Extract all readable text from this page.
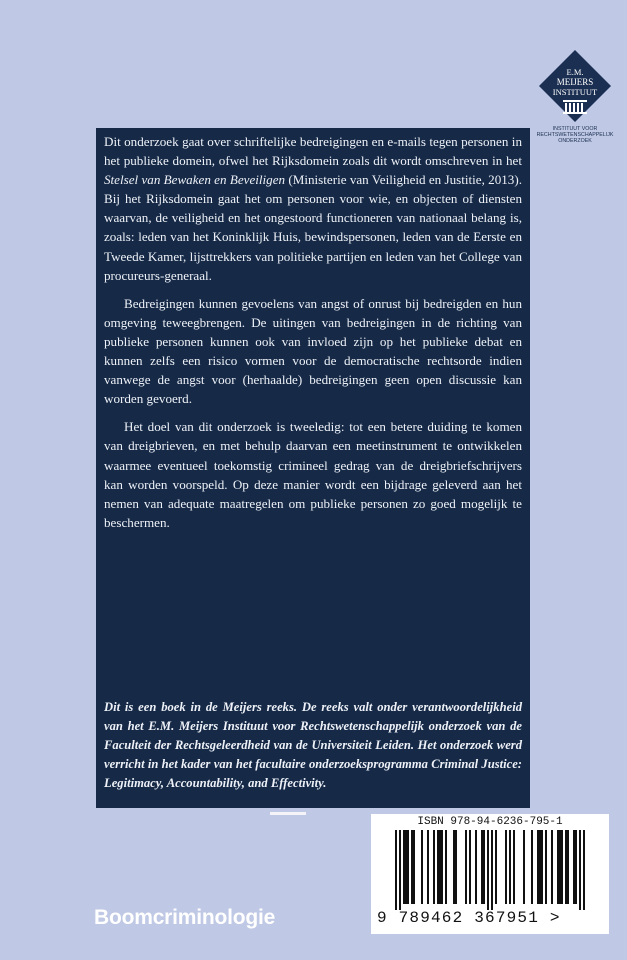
E.M.
MEIJERS
INSTITUUT
INSTITUUT VOOR
RECHTSWETENSCHAPPELIJK
ONDERZOEK

Dit onderzoek gaat over schriftelijke bedreigingen en e-mails tegen personen in het publieke domein, ofwel het Rijksdomein zoals dit wordt omschreven in het Stelsel van Bewaken en Beveiligen (Ministerie van Veiligheid en Justitie, 2013). Bij het Rijksdomein gaat het om personen voor wie, en objecten of diensten waarvan, de veiligheid en het ongestoord functioneren van nationaal belang is, zoals: leden van het Koninklijk Huis, bewindspersonen, leden van de Eerste en Tweede Kamer, lijsttrekkers van politieke partijen en leden van het College van procureurs-generaal.

Bedreigingen kunnen gevoelens van angst of onrust bij bedreigden en hun omgeving teweegbrengen. De uitingen van bedreigingen in de richting van publieke personen kunnen ook van invloed zijn op het publieke debat en kunnen zelfs een risico vormen voor de democratische rechtsorde indien vanwege de angst voor (herhaalde) bedreigingen geen open discussie kan worden gevoerd.

Het doel van dit onderzoek is tweeledig: tot een betere duiding te komen van dreigbrieven, en met behulp daarvan een meetinstrument te ontwikkelen waarmee eventueel toekomstig crimineel gedrag van de dreigbriefschrijvers kan worden voorspeld. Op deze manier wordt een bijdrage geleverd aan het nemen van adequate maatregelen om publieke personen zo goed mogelijk te beschermen.

Dit is een boek in de Meijers reeks. De reeks valt onder verantwoordelijkheid van het E.M. Meijers Instituut voor Rechtswetenschappelijk onderzoek van de Faculteit der Rechtsgeleerdheid van de Universiteit Leiden. Het onderzoek werd verricht in het kader van het facultaire onderzoeksprogramma Criminal Justice: Legitimacy, Accountability, and Effectivity.
Boomcriminologie
ISBN 978-94-6236-795-1
9 789462 367951 >
